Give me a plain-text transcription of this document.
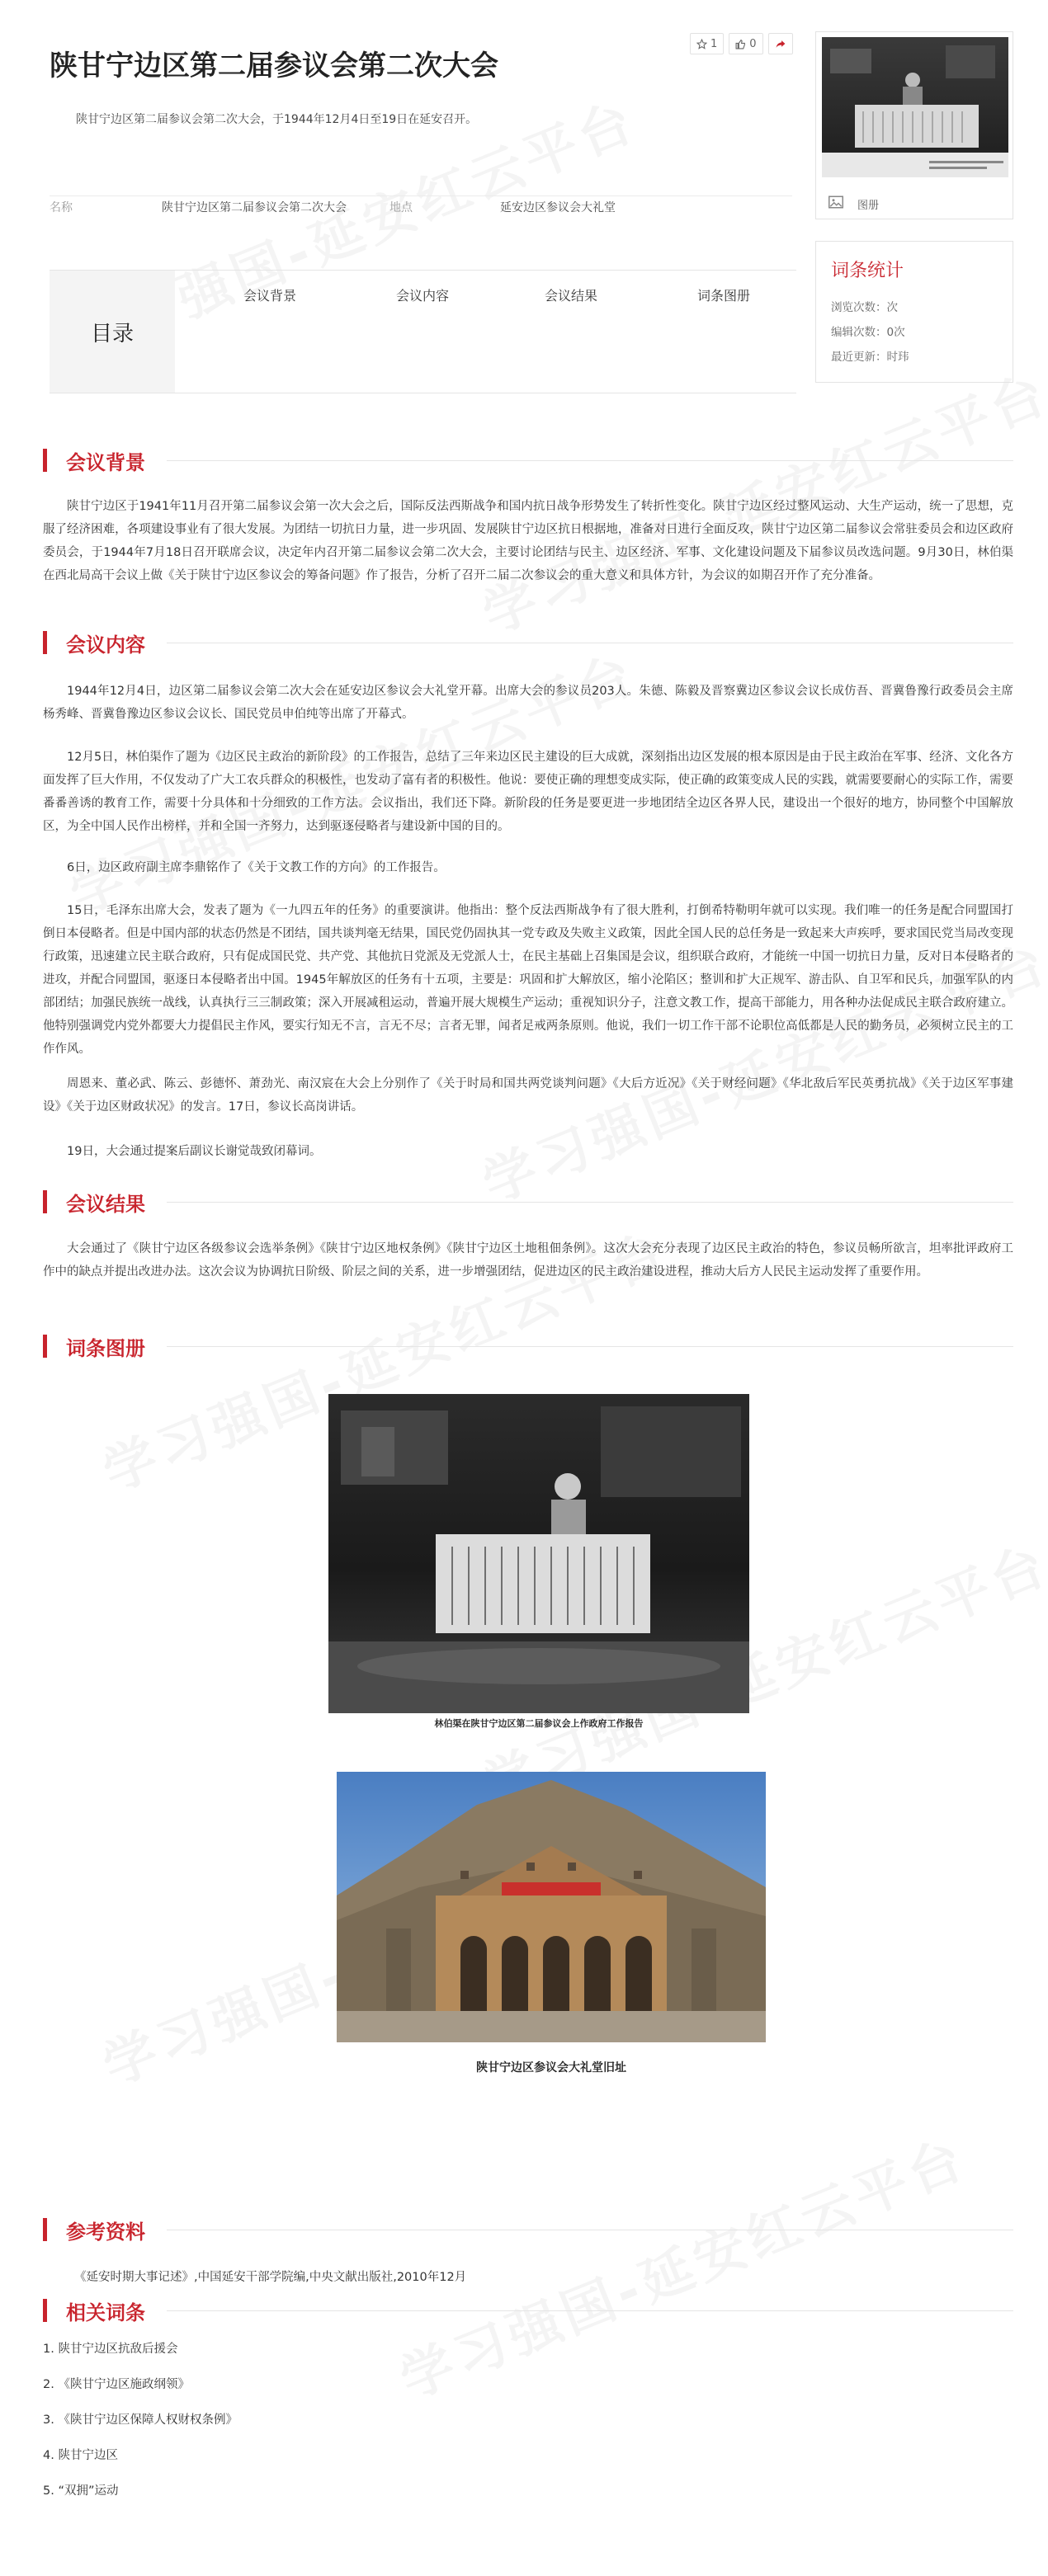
陕甘宁边区第二届参议会第二次大会
1	0

陕甘宁边区第二届参议会第二次大会，于1944年12月4日至19日在延安召开。

名称	陕甘宁边区第二届参议会第二次大会	地点	延安边区参议会大礼堂
目录
会议背景	会议内容	会议结果	词条图册
图册
词条统计
浏览次数：次
编辑次数：0次
最近更新：时玮
会议背景

陕甘宁边区于1941年11月召开第二届参议会第一次大会之后，国际反法西斯战争和国内抗日战争形势发生了转折性变化。陕甘宁边区经过整风运动、大生产运动，统一了思想，克服了经济困难，各项建设事业有了很大发展。为团结一切抗日力量，进一步巩固、发展陕甘宁边区抗日根据地，准备对日进行全面反攻，陕甘宁边区第二届参议会常驻委员会和边区政府委员会，于1944年7月18日召开联席会议，决定年内召开第二届参议会第二次大会，主要讨论团结与民主、边区经济、军事、文化建设问题及下届参议员改选问题。9月30日，林伯渠在西北局高干会议上做《关于陕甘宁边区参议会的筹备问题》作了报告，分析了召开二届二次参议会的重大意义和具体方针，为会议的如期召开作了充分准备。

会议内容

1944年12月4日，边区第二届参议会第二次大会在延安边区参议会大礼堂开幕。出席大会的参议员203人。朱德、陈毅及晋察冀边区参议会议长成仿吾、晋冀鲁豫行政委员会主席杨秀峰、晋冀鲁豫边区参议会议长、国民党员申伯纯等出席了开幕式。

12月5日，林伯渠作了题为《边区民主政治的新阶段》的工作报告，总结了三年来边区民主建设的巨大成就，深刻指出边区发展的根本原因是由于民主政治在军事、经济、文化各方面发挥了巨大作用，不仅发动了广大工农兵群众的积极性，也发动了富有者的积极性。他说：要使正确的理想变成实际，使正确的政策变成人民的实践，就需要要耐心的实际工作，需要番番善诱的教育工作，需要十分具体和十分细致的工作方法。会议指出，我们还下降。新阶段的任务是要更进一步地团结全边区各界人民，建设出一个很好的地方，协同整个中国解放区，为全中国人民作出榜样，并和全国一齐努力，达到驱逐侵略者与建设新中国的目的。

6日，边区政府副主席李鼎铭作了《关于文教工作的方向》的工作报告。

15日，毛泽东出席大会，发表了题为《一九四五年的任务》的重要演讲。他指出：整个反法西斯战争有了很大胜利，打倒希特勒明年就可以实现。我们唯一的任务是配合同盟国打倒日本侵略者。但是中国内部的状态仍然是不团结，国共谈判毫无结果，国民党仍固执其一党专政及失败主义政策，因此全国人民的总任务是一致起来大声疾呼，要求国民党当局改变现行政策，迅速建立民主联合政府，只有促成国民党、共产党、其他抗日党派及无党派人士，在民主基础上召集国是会议，组织联合政府，才能统一中国一切抗日力量，反对日本侵略者的进攻，并配合同盟国，驱逐日本侵略者出中国。1945年解放区的任务有十五项，主要是：巩固和扩大解放区，缩小沦陷区；整训和扩大正规军、游击队、自卫军和民兵，加强军队的内部团结；加强民族统一战线，认真执行三三制政策；深入开展减租运动，普遍开展大规模生产运动；重视知识分子，注意文教工作，提高干部能力，用各种办法促成民主联合政府建立。他特别强调党内党外都要大力提倡民主作风，要实行知无不言，言无不尽；言者无罪，闻者足戒两条原则。他说，我们一切工作干部不论职位高低都是人民的勤务员，必须树立民主的工作作风。

周恩来、董必武、陈云、彭德怀、萧劲光、南汉宸在大会上分别作了《关于时局和国共两党谈判问题》《大后方近况》《关于财经问题》《华北敌后军民英勇抗战》《关于边区军事建设》《关于边区财政状况》的发言。17日，参议长高岗讲话。

19日，大会通过提案后副议长谢觉哉致闭幕词。

会议结果

大会通过了《陕甘宁边区各级参议会选举条例》《陕甘宁边区地权条例》《陕甘宁边区土地租佃条例》。这次大会充分表现了边区民主政治的特色，参议员畅所欲言，坦率批评政府工作中的缺点并提出改进办法。这次会议为协调抗日阶级、阶层之间的关系，进一步增强团结，促进边区的民主政治建设进程，推动大后方人民民主运动发挥了重要作用。

词条图册
林伯渠在陕甘宁边区第二届参议会上作政府工作报告
陕甘宁边区参议会大礼堂旧址
参考资料
《延安时期大事记述》,中国延安干部学院编,中央文献出版社,2010年12月
相关词条
1. 陕甘宁边区抗敌后援会
2. 《陕甘宁边区施政纲领》
3. 《陕甘宁边区保障人权财权条例》
4. 陕甘宁边区
5. “双拥”运动
